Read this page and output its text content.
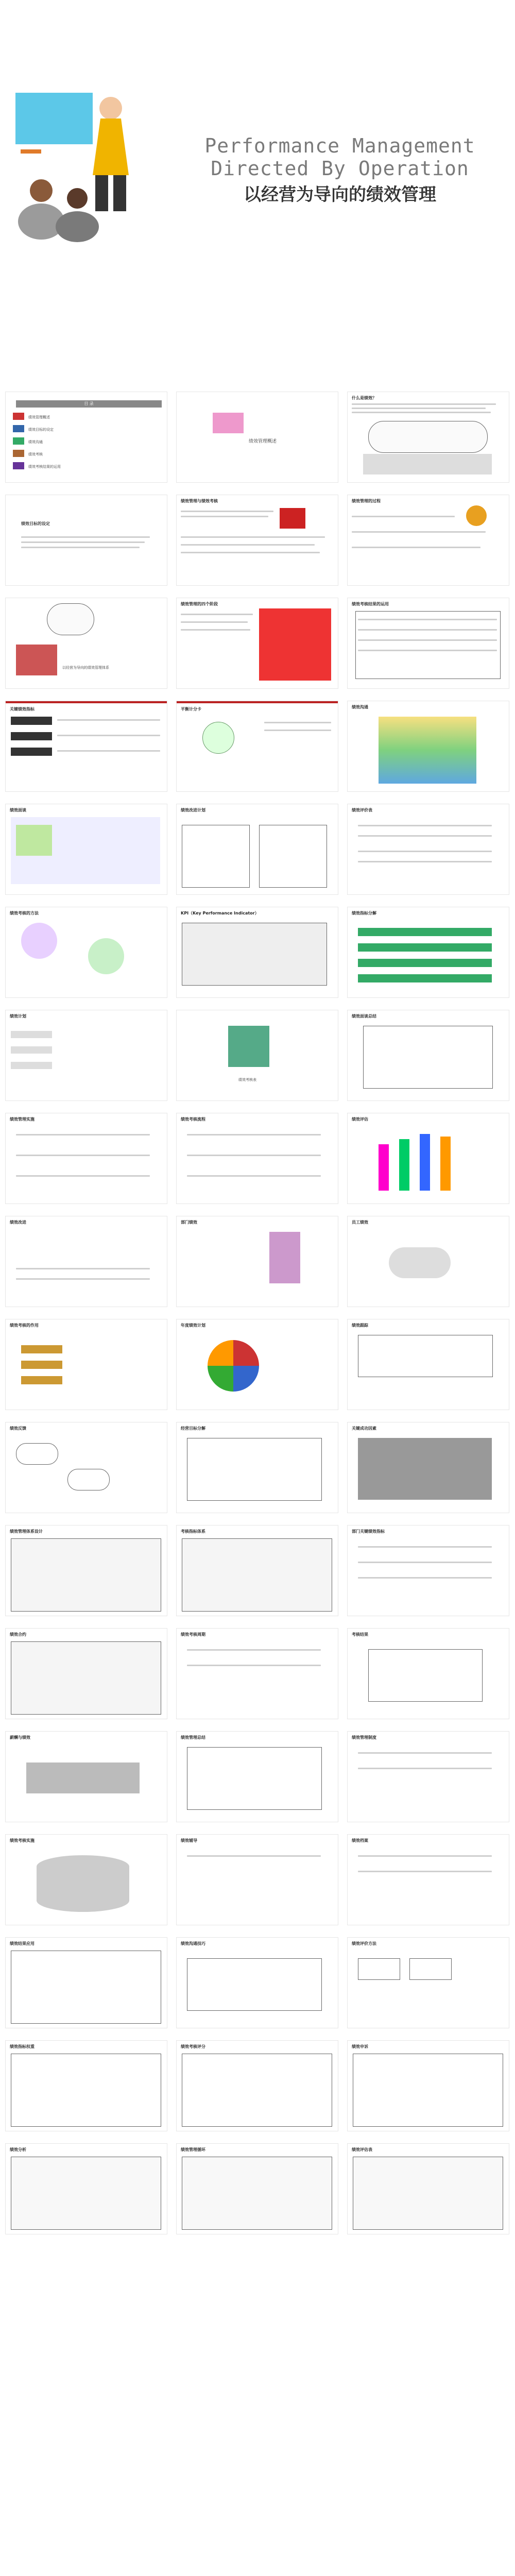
Performance Management
Directed By Operation
以经营为导向的绩效管理
目 录
绩效管理概述
绩效目标的设定
绩效沟通
绩效考核
绩效考核结果的运用
绩效管理概述
什么是绩效？
绩效目标的设定
绩效管理与绩效考核	绩效管理的过程
以经营为导向的绩效管理体系
绩效管理的四个阶段	绩效考核结果的运用
关键绩效指标	平衡计分卡	绩效沟通
绩效面谈	绩效改进计划	绩效评价表
绩效考核的方法	KPI（Key Performance Indicator）	绩效指标分解
绩效计划
绩效考核表
绩效面谈总结
绩效管理实施	绩效考核流程	绩效评估
绩效改进	部门绩效	员工绩效
绩效考核的作用	年度绩效计划	绩效跟踪
绩效反馈	经营目标分解	关键成功因素
绩效管理体系设计	考核指标体系	部门关键绩效指标
绩效合约	绩效考核周期	考核结果
薪酬与绩效	绩效管理总结	绩效管理制度
绩效考核实施	绩效辅导	绩效档案
绩效结果应用	绩效沟通技巧	绩效评价方法
绩效指标权重	绩效考核评分	绩效申诉
绩效分析	绩效管理循环	绩效评估表
